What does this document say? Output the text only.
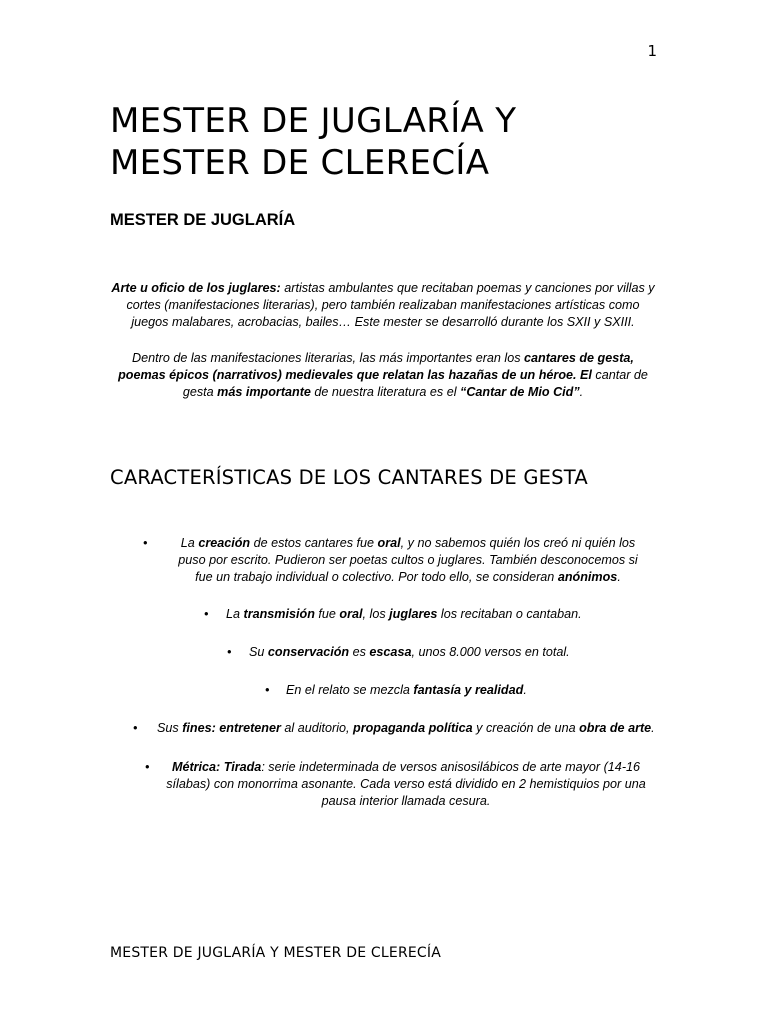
1
MESTER DE JUGLARÍA Y
MESTER DE CLERECÍA
MESTER DE JUGLARÍA

Arte u oficio de los juglares: artistas ambulantes que recitaban poemas y canciones por villas y cortes (manifestaciones literarias), pero también realizaban manifestaciones artísticas como juegos malabares, acrobacias, bailes… Este mester se desarrolló durante los SXII y SXIII.

Dentro de las manifestaciones literarias, las más importantes eran los cantares de gesta, poemas épicos (narrativos) medievales que relatan las hazañas de un héroe. El cantar de gesta más importante de nuestra literatura es el “Cantar de Mio Cid”.

CARACTERÍSTICAS DE LOS CANTARES DE GESTA
•	La creación de estos cantares fue oral, y no sabemos quién los creó ni quién los puso por escrito. Pudieron ser poetas cultos o juglares. También desconocemos si fue un trabajo individual o colectivo. Por todo ello, se consideran anónimos.

• La transmisión fue oral, los juglares los recitaban o cantaban.

• Su conservación es escasa, unos 8.000 versos en total.

• En el relato se mezcla fantasía y realidad.

• Sus fines: entretener al auditorio, propaganda política y creación de una obra de arte.

•	Métrica: Tirada: serie indeterminada de versos anisosilábicos de arte mayor (14-16 sílabas) con monorrima asonante. Cada verso está dividido en 2 hemistiquios por una pausa interior llamada cesura.

MESTER DE JUGLARÍA Y MESTER DE CLERECÍA
